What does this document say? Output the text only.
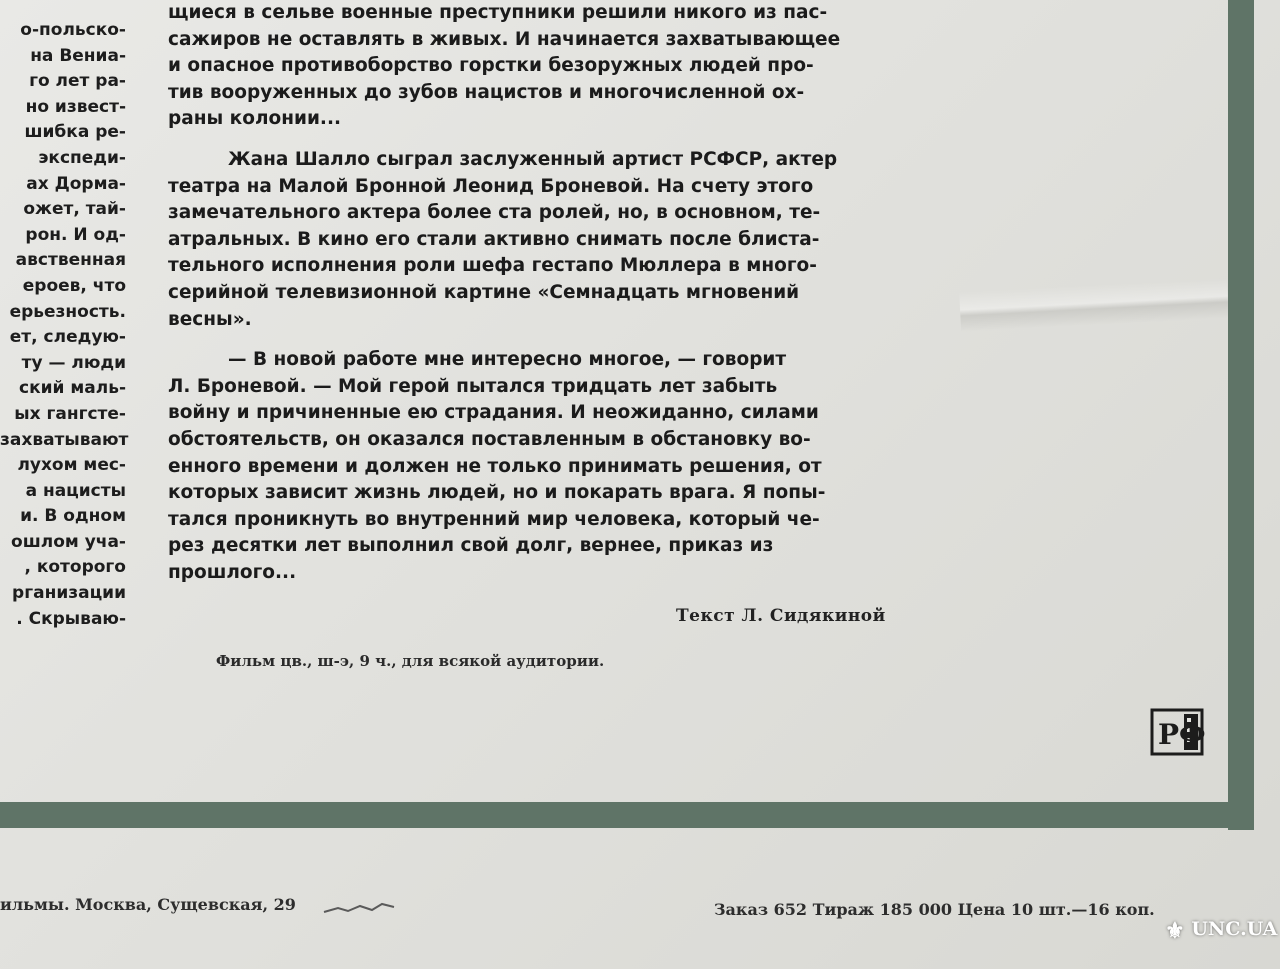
о-польско-
на Вениа-
го лет ра-
но извест-
шибка ре-
экспеди-
ах Дорма-
ожет, тай-
рон. И од-
авственная
ероев, что
ерьезность.
ет, следую-
ту — люди
ский маль-
ых гангсте-
захватывают
лухом мес-
а нацисты
и. В одном
ошлом уча-
, которого
рганизации
. Скрываю-
щиеся в сельве военные преступники решили никого из пас-
сажиров не оставлять в живых. И начинается захватывающее
и опасное противоборство горстки безоружных людей про-
тив вооруженных до зубов нацистов и многочисленной ох-
раны колонии...
Жана Шалло сыграл заслуженный артист РСФСР, актер
театра на Малой Бронной Леонид Броневой. На счету этого
замечательного актера более ста ролей, но, в основном, те-
атральных. В кино его стали активно снимать после блиста-
тельного исполнения роли шефа гестапо Мюллера в много-
серийной телевизионной картине «Семнадцать мгновений
весны».
— В новой работе мне интересно многое, — говорит
Л. Броневой. — Мой герой пытался тридцать лет забыть
войну и причиненные ею страдания. И неожиданно, силами
обстоятельств, он оказался поставленным в обстановку во-
енного времени и должен не только принимать решения, от
которых зависит жизнь людей, но и покарать врага. Я попы-
тался проникнуть во внутренний мир человека, который че-
рез десятки лет выполнил свой долг, вернее, приказ из
прошлого...
Текст Л. Сидякиной
Фильм цв., ш-э, 9 ч., для всякой аудитории.
РФ
ильмы. Москва, Сущевская, 29	Заказ 652 Тираж 185 000 Цена 10 шт.—16 коп.
⚜ UNC.UA
